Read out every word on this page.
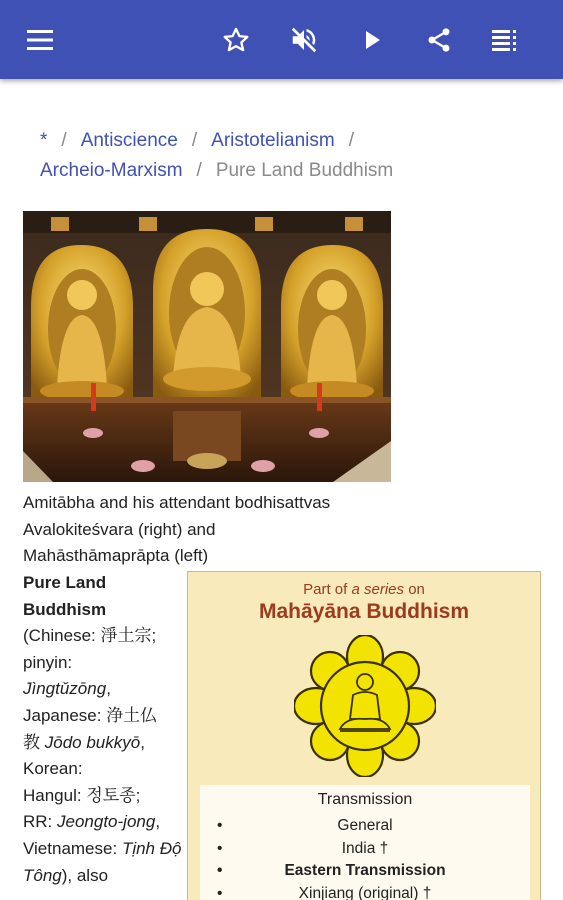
* / Antiscience / Aristotelianism /
Archeio-Marxism / Pure Land Buddhism
Amitābha and his attendant bodhisattvas
Avalokiteśvara (right) and
Mahāsthāmaprāpta (left)
Pure Land Buddhism
(Chinese: 淨土宗;
pinyin:
Jìngtǔzōng,
Japanese: 浄土仏
教 Jōdo bukkyō,
Korean:
Hangul: 정토종;
RR: Jeongto-jong,
Vietnamese: Tịnh Độ Tông), also
Part of a series on
Mahāyāna Buddhism
Transmission
• General
• India †
• Eastern Transmission
• Xinjiang (original) †
